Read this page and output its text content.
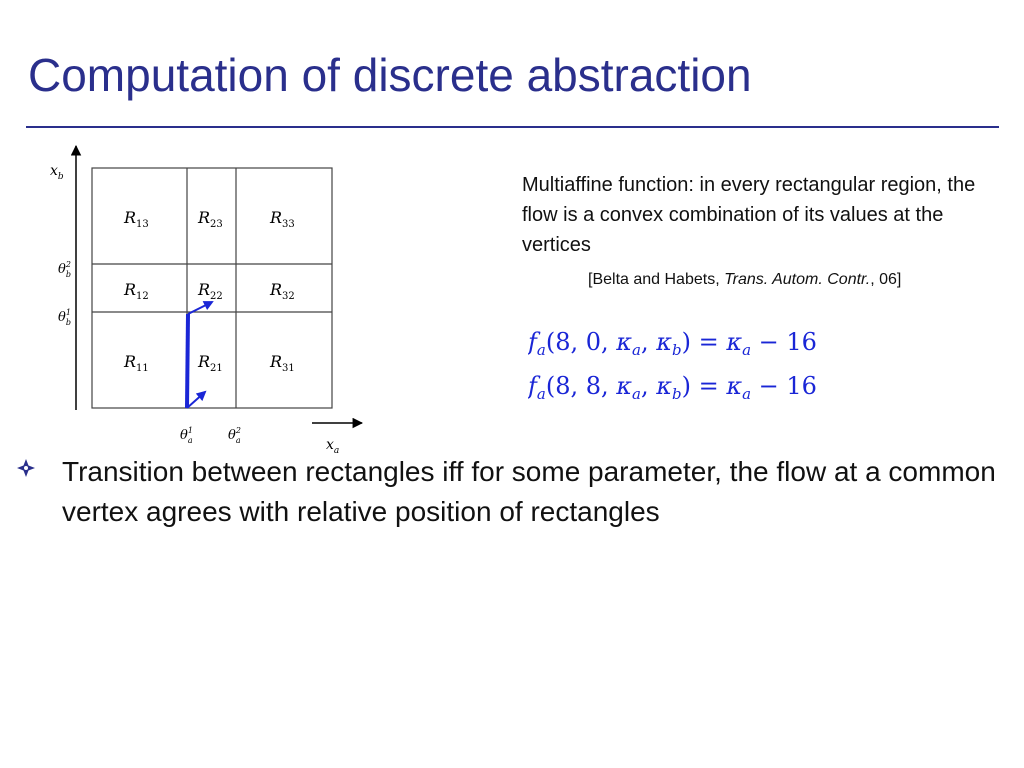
Computation of discrete abstraction
$x_b$
$x_a$
$\theta^2$ b
$\theta^1$ b
$\theta^1$ a	$\theta^2$ a
$R_{13}$	$R_{23}$	$R_{33}$
$R_{12}$	$R_{22}$	$R_{32}$
$R_{11}$	$R_{21}$	$R_{31}$
Multiaffine function: in every rectangular region, the flow is a convex combination of its values at the vertices
[Belta and Habets, Trans. Autom. Contr., 06]
$f_a(8$, 0, $\kappa_a$, $\kappa_b) = \kappa_a - 16$
$f_a(8$, 8, $\kappa_a$, $\kappa_b) = \kappa_a - 16$
Transition between rectangles iff for some parameter, the flow at a common vertex agrees with relative position of rectangles
